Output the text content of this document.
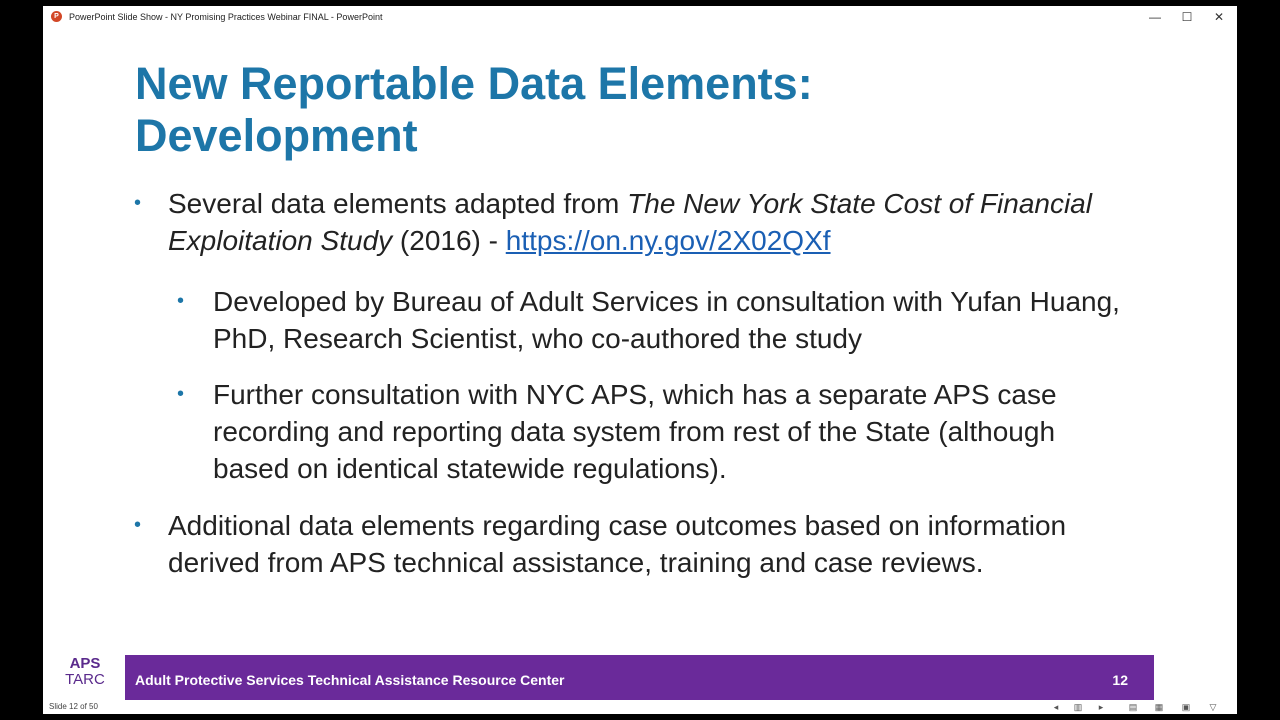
P	PowerPoint Slide Show - NY Promising Practices Webinar FINAL - PowerPoint	—	☐	✕
New Reportable Data Elements:
Development
• Several data elements adapted from The New York State Cost of Financial Exploitation Study (2016) - https://on.ny.gov/2X02QXf
• Developed by Bureau of Adult Services in consultation with Yufan Huang, PhD, Research Scientist, who co-authored the study
• Further consultation with NYC APS, which has a separate APS case recording and reporting data system from rest of the State (although based on identical statewide regulations).
• Additional data elements regarding case outcomes based on information derived from APS technical assistance, training and case reviews.
APS
TARC	Adult Protective Services Technical Assistance Resource Center	12
Slide 12 of 50	◂	▥	▸	▤	▦	▣	▽
